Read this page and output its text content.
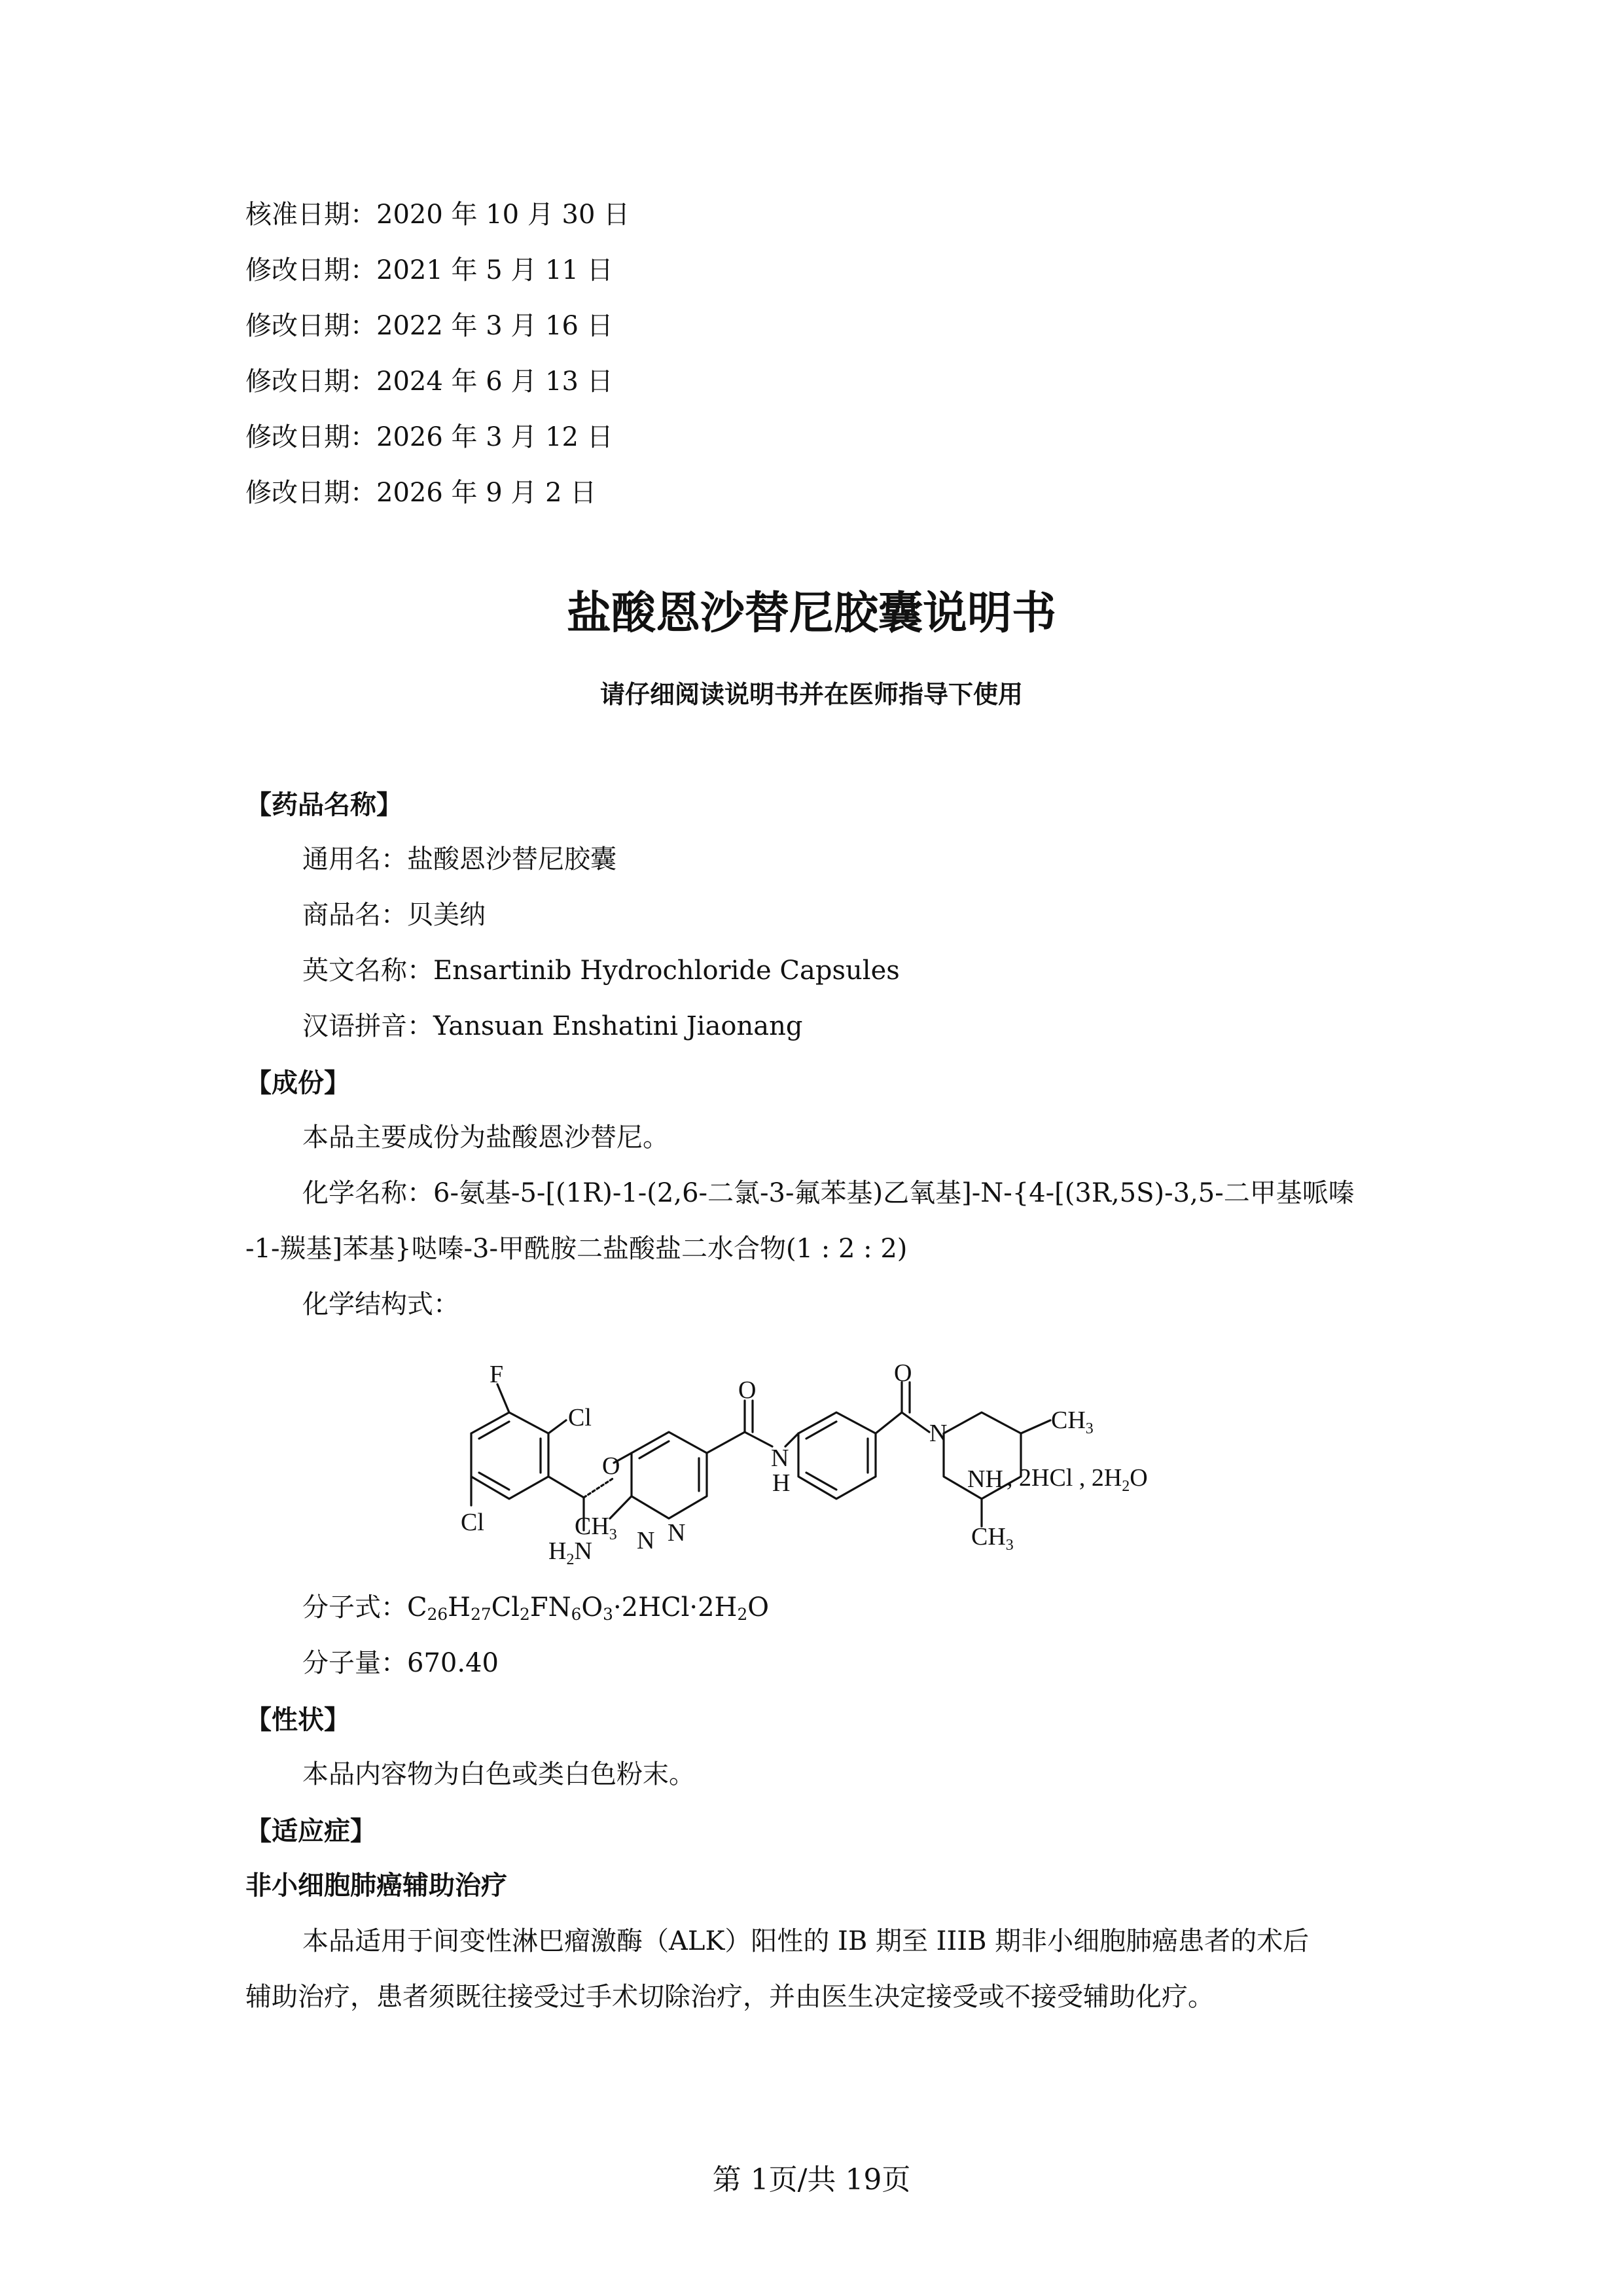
核准日期：2020 年 10 月 30 日
修改日期：2021 年 5 月 11 日
修改日期：2022 年 3 月 16 日
修改日期：2024 年 6 月 13 日
修改日期：2026 年 3 月 12 日
修改日期：2026 年 9 月 2 日
盐酸恩沙替尼胶囊说明书
请仔细阅读说明书并在医师指导下使用
【药品名称】
通用名：盐酸恩沙替尼胶囊
商品名：贝美纳
英文名称：Ensartinib Hydrochloride Capsules
汉语拼音：Yansuan Enshatini Jiaonang
【成份】
本品主要成份为盐酸恩沙替尼。
化学名称：6-氨基-5-[(1R)-1-(2,6-二氯-3-氟苯基)乙氧基]-N-{4-[(3R,5S)-3,5-二甲基哌嗪
-1-羰基]苯基}哒嗪-3-甲酰胺二盐酸盐二水合物(1 : 2 : 2)
化学结构式：
F
Cl
Cl
O
$CH_3$
$H_2N$ N N
O
N
H
O
N
NH
$CH_3$
$CH_3$
, 2HCl , $2H_2O$
分子式：$C_{26}H_{27}Cl_2FN_6O_3\cdot 2HCl\cdot 2H_2O$
分子量：670.40
【性状】
本品内容物为白色或类白色粉末。
【适应症】
非小细胞肺癌辅助治疗
本品适用于间变性淋巴瘤激酶（ALK）阳性的 IB 期至 IIIB 期非小细胞肺癌患者的术后
辅助治疗，患者须既往接受过手术切除治疗，并由医生决定接受或不接受辅助化疗。
第 1页/共 19页
